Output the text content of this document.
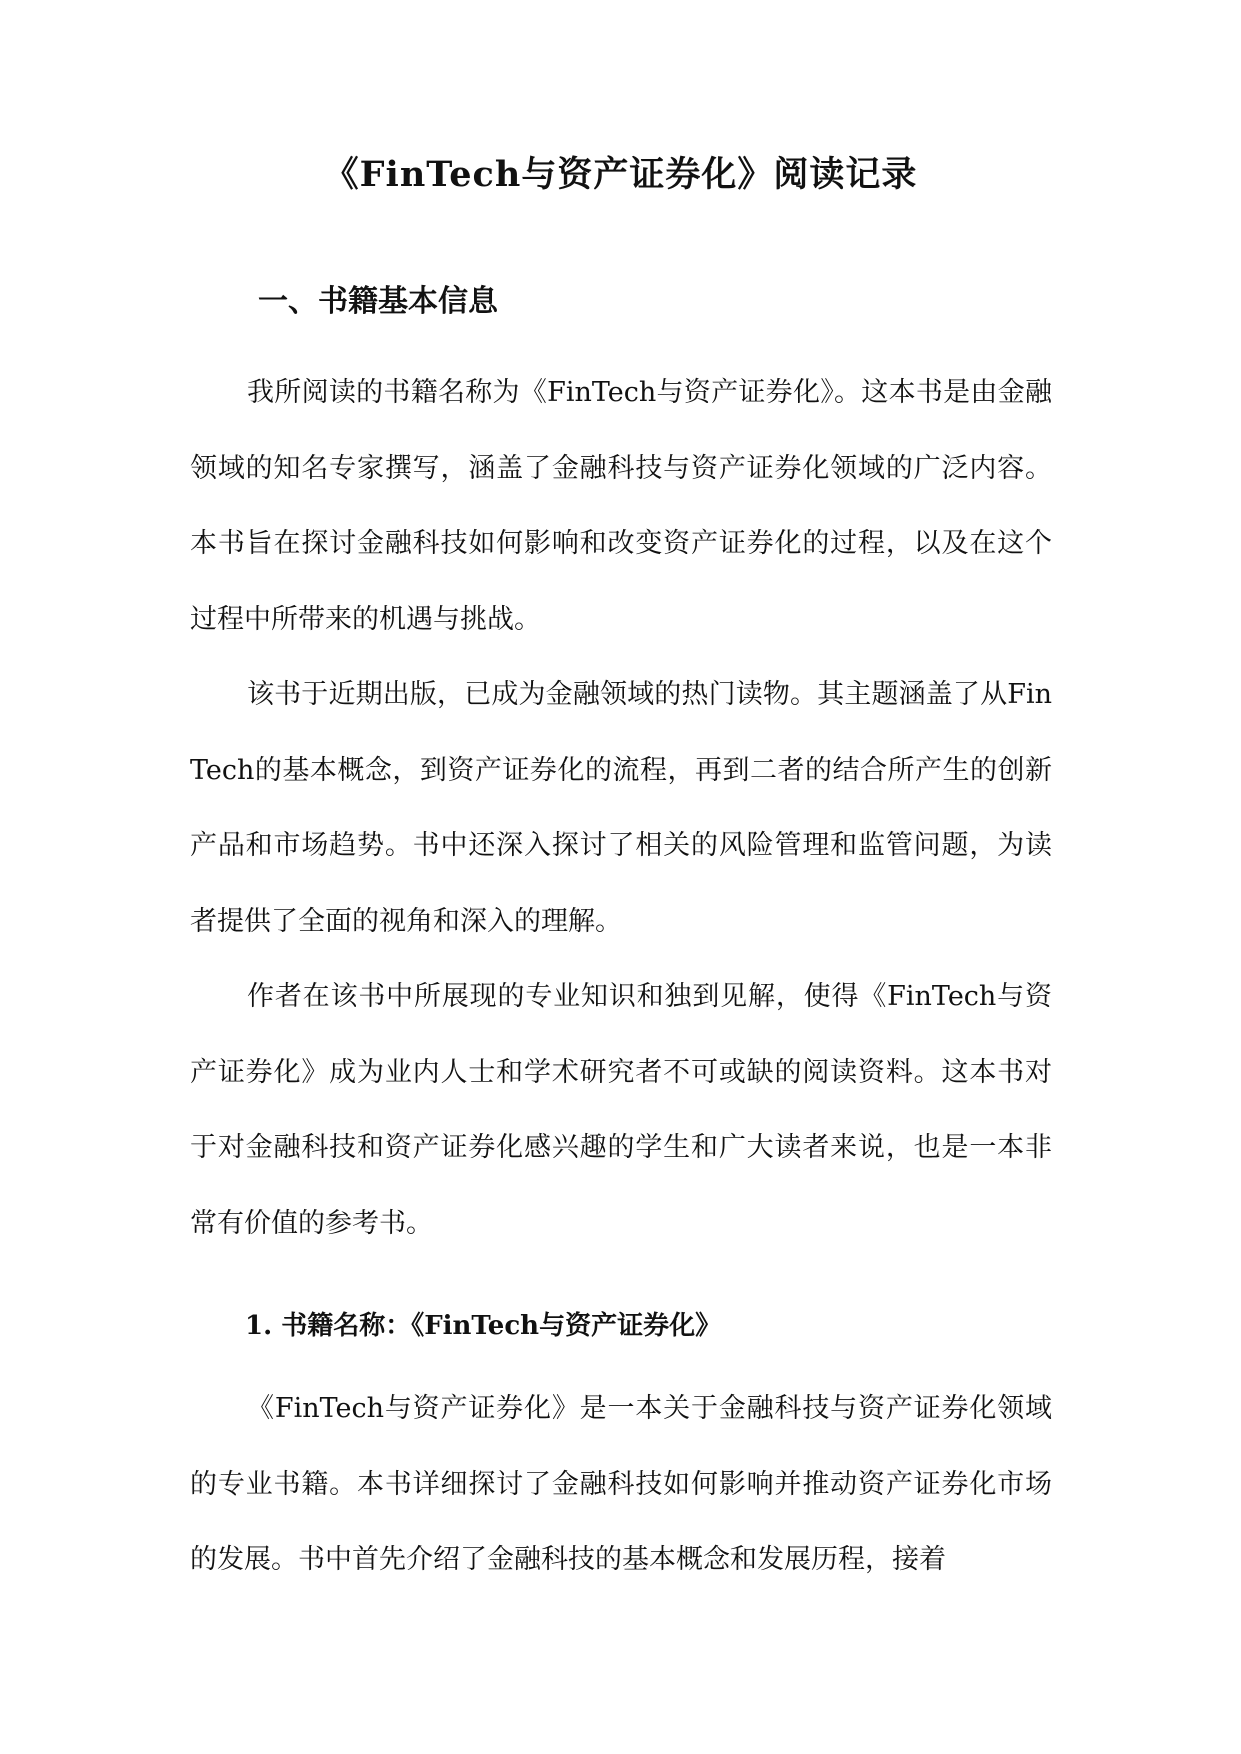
《FinTech与资产证券化》阅读记录
一、书籍基本信息

我所阅读的书籍名称为《FinTech与资产证券化》。这本书是由金融领域的知名专家撰写，涵盖了金融科技与资产证券化领域的广泛内容。本书旨在探讨金融科技如何影响和改变资产证券化的过程，以及在这个过程中所带来的机遇与挑战。

该书于近期出版，已成为金融领域的热门读物。其主题涵盖了从FinTech的基本概念，到资产证券化的流程，再到二者的结合所产生的创新产品和市场趋势。书中还深入探讨了相关的风险管理和监管问题，为读者提供了全面的视角和深入的理解。

作者在该书中所展现的专业知识和独到见解，使得《FinTech与资产证券化》成为业内人士和学术研究者不可或缺的阅读资料。这本书对于对金融科技和资产证券化感兴趣的学生和广大读者来说，也是一本非常有价值的参考书。

1. 书籍名称：《FinTech与资产证券化》

《FinTech与资产证券化》是一本关于金融科技与资产证券化领域的专业书籍。本书详细探讨了金融科技如何影响并推动资产证券化市场的发展。书中首先介绍了金融科技的基本概念和发展历程，接着
